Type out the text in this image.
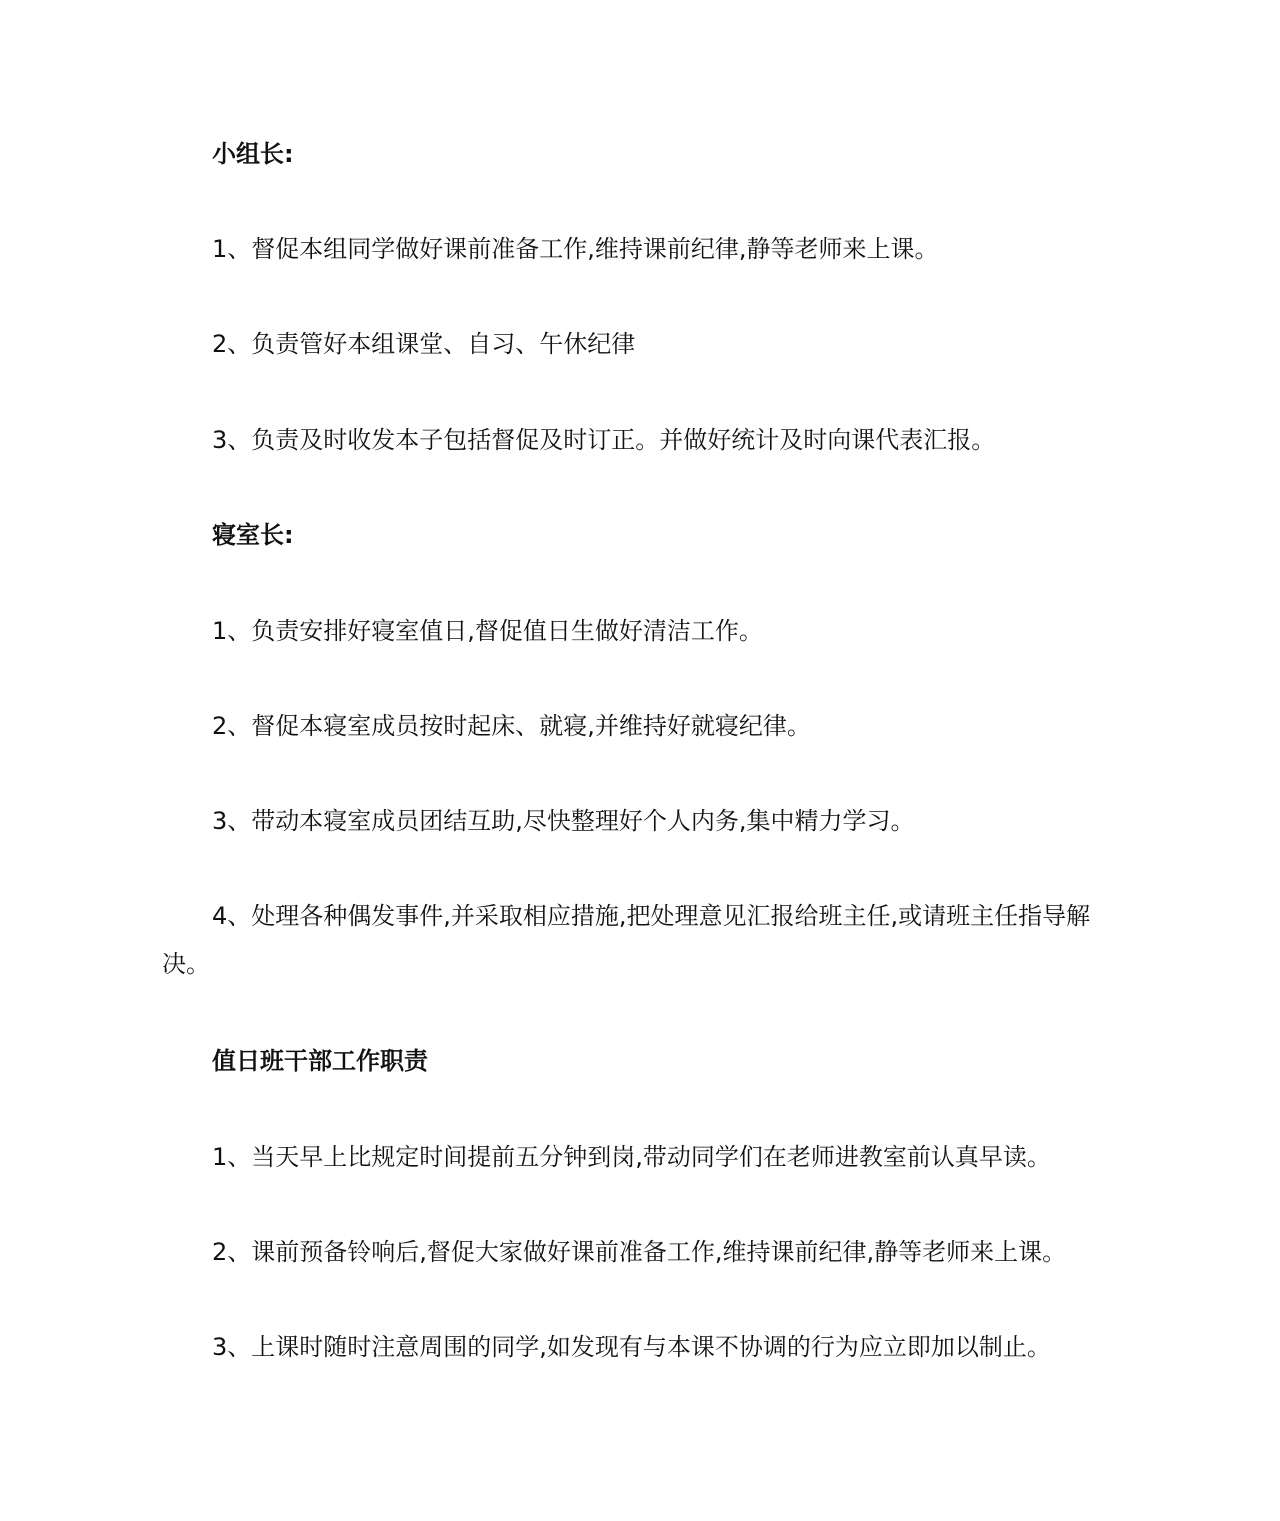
小组长:
1、督促本组同学做好课前准备工作,维持课前纪律,静等老师来上课。
2、负责管好本组课堂、自习、午休纪律
3、负责及时收发本子包括督促及时订正。并做好统计及时向课代表汇报。
寝室长:
1、负责安排好寝室值日,督促值日生做好清洁工作。
2、督促本寝室成员按时起床、就寝,并维持好就寝纪律。
3、带动本寝室成员团结互助,尽快整理好个人内务,集中精力学习。
4、处理各种偶发事件,并采取相应措施,把处理意见汇报给班主任,或请班主任指导解决。
值日班干部工作职责
1、当天早上比规定时间提前五分钟到岗,带动同学们在老师进教室前认真早读。
2、课前预备铃响后,督促大家做好课前准备工作,维持课前纪律,静等老师来上课。
3、上课时随时注意周围的同学,如发现有与本课不协调的行为应立即加以制止。
